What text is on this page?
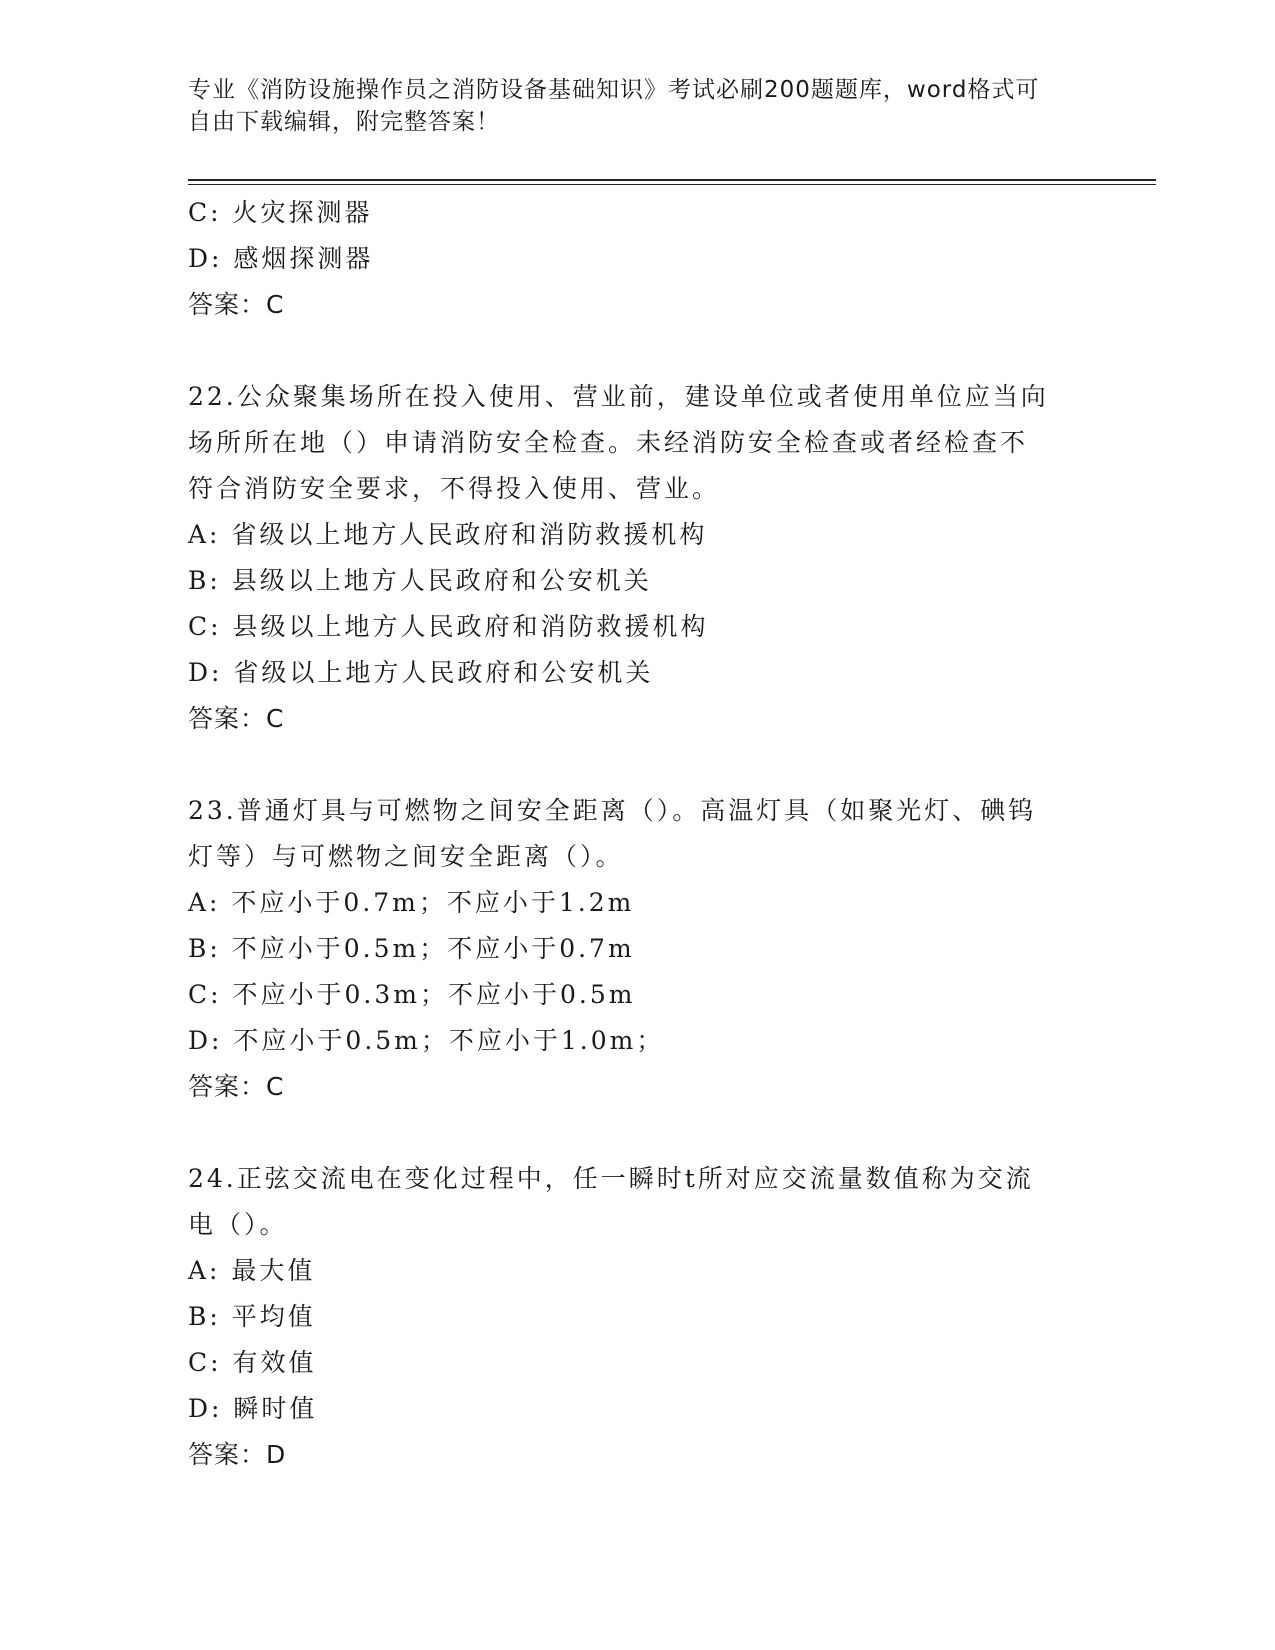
专业《消防设施操作员之消防设备基础知识》考试必刷200题题库，word格式可
自由下载编辑，附完整答案！
C: 火灾探测器
D: 感烟探测器
答案：C
22.公众聚集场所在投入使用、营业前，建设单位或者使用单位应当向
场所所在地（）申请消防安全检查。未经消防安全检查或者经检查不
符合消防安全要求，不得投入使用、营业。
A: 省级以上地方人民政府和消防救援机构
B: 县级以上地方人民政府和公安机关
C: 县级以上地方人民政府和消防救援机构
D: 省级以上地方人民政府和公安机关
答案：C
23.普通灯具与可燃物之间安全距离（）。高温灯具（如聚光灯、碘钨
灯等）与可燃物之间安全距离（）。
A: 不应小于0.7m；不应小于1.2m
B: 不应小于0.5m；不应小于0.7m
C: 不应小于0.3m；不应小于0.5m
D: 不应小于0.5m；不应小于1.0m；
答案：C
24.正弦交流电在变化过程中，任一瞬时t所对应交流量数值称为交流
电（）。
A: 最大值
B: 平均值
C: 有效值
D: 瞬时值
答案：D
